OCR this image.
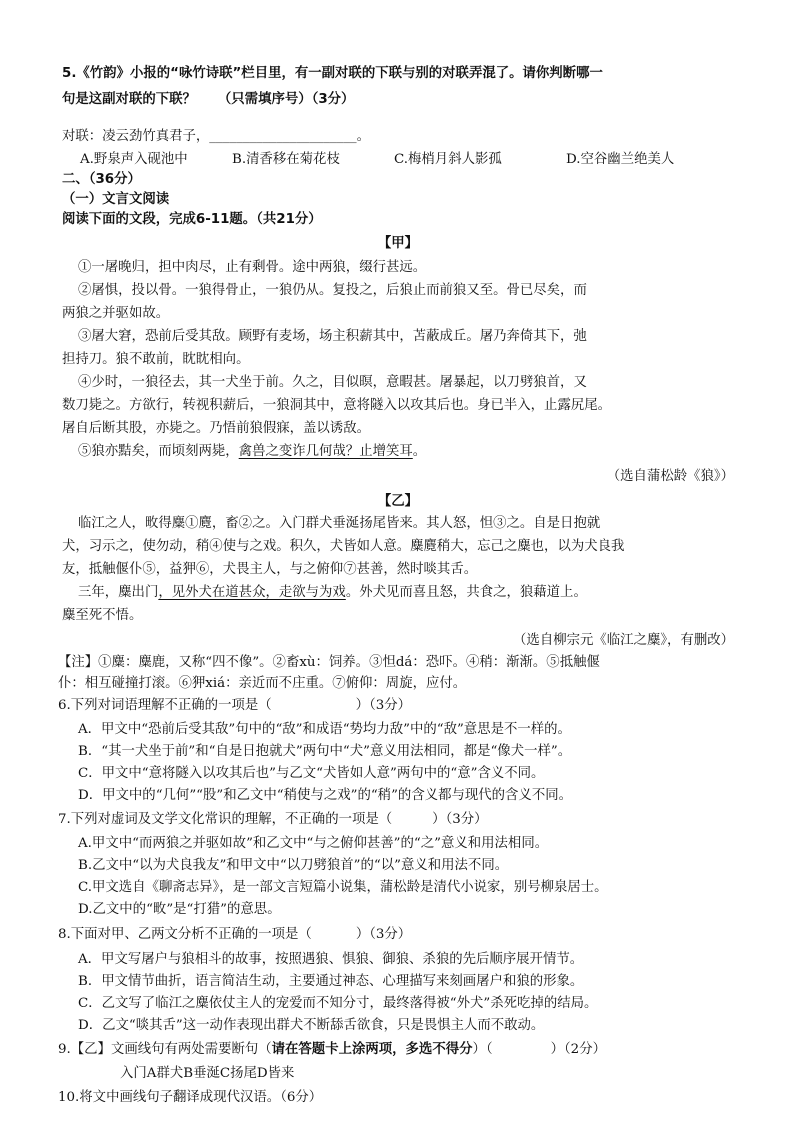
5.《竹韵》小报的“咏竹诗联”栏目里，有一副对联的下联与别的对联弄混了。请你判断哪一
句是这副对联的下联？ （只需填序号）（3分）
对联：凌云劲竹真君子，______________________。
A.野泉声入砚池中	B.清香移在菊花枝	C.梅梢月斜人影孤	D.空谷幽兰绝美人
二、（36分）
（一）文言文阅读
阅读下面的文段，完成6-11题。（共21分）
【甲】
①一屠晚归，担中肉尽，止有剩骨。途中两狼，缀行甚远。
②屠惧，投以骨。一狼得骨止，一狼仍从。复投之，后狼止而前狼又至。骨已尽矣，而
两狼之并驱如故。
③屠大窘，恐前后受其敌。顾野有麦场，场主积薪其中，苫蔽成丘。屠乃奔倚其下，弛
担持刀。狼不敢前，眈眈相向。
④少时，一狼径去，其一犬坐于前。久之，目似暝，意暇甚。屠暴起，以刀劈狼首，又
数刀毙之。方欲行，转视积薪后，一狼洞其中，意将隧入以攻其后也。身已半入，止露尻尾。
屠自后断其股，亦毙之。乃悟前狼假寐，盖以诱敌。
⑤狼亦黠矣，而顷刻两毙，禽兽之变诈几何哉？止增笑耳。
（选自蒲松龄《狼》）
【乙】
临江之人，畋得麋①麑，畜②之。入门群犬垂涎扬尾皆来。其人怒，怛③之。自是日抱就
犬，习示之，使勿动，稍④使与之戏。积久，犬皆如人意。麋麑稍大，忘己之麋也，以为犬良我
友，抵触偃仆⑤，益狎⑥，犬畏主人，与之俯仰⑦甚善，然时啖其舌。
三年，麋出门，见外犬在道甚众，走欲与为戏。外犬见而喜且怒，共食之，狼藉道上。
麋至死不悟。
（选自柳宗元《临江之麋》，有删改）
【注】①麋：麋鹿，又称“四不像”。②畜xù：饲养。③怛dá：恐吓。④稍：渐渐。⑤抵触偃
仆：相互碰撞打滚。⑥狎xiá：亲近而不庄重。⑦俯仰：周旋，应付。
6.下列对词语理解不正确的一项是（	）（3分）
A．甲文中“恐前后受其敌”句中的“敌”和成语“势均力敌”中的“敌”意思是不一样的。
B．“其一犬坐于前”和“自是日抱就犬”两句中“犬”意义用法相同，都是“像犬一样”。
C．甲文中“意将隧入以攻其后也”与乙文“犬皆如人意”两句中的“意”含义不同。
D．甲文中的“几何”“股”和乙文中“稍使与之戏”的“稍”的含义都与现代的含义不同。
7.下列对虚词及文学文化常识的理解，不正确的一项是（	）（3分）
A.甲文中“而两狼之并驱如故”和乙文中“与之俯仰甚善”的“之”意义和用法相同。
B.乙文中“以为犬良我友”和甲文中“以刀劈狼首”的“以”意义和用法不同。
C.甲文选自《聊斋志异》，是一部文言短篇小说集，蒲松龄是清代小说家，别号柳泉居士。
D.乙文中的“畋”是“打猎”的意思。
8.下面对甲、乙两文分析不正确的一项是（	）（3分）
A．甲文写屠户与狼相斗的故事，按照遇狼、惧狼、御狼、杀狼的先后顺序展开情节。
B．甲文情节曲折，语言简洁生动，主要通过神态、心理描写来刻画屠户和狼的形象。
C．乙文写了临江之麋依仗主人的宠爱而不知分寸，最终落得被“外犬”杀死吃掉的结局。
D．乙文“啖其舌”这一动作表现出群犬不断舔舌欲食，只是畏惧主人而不敢动。
9.【乙】文画线句有两处需要断句（请在答题卡上涂两项，多选不得分）（	）（2分）
入门A群犬B垂涎C扬尾D皆来
10.将文中画线句子翻译成现代汉语。（6分）
